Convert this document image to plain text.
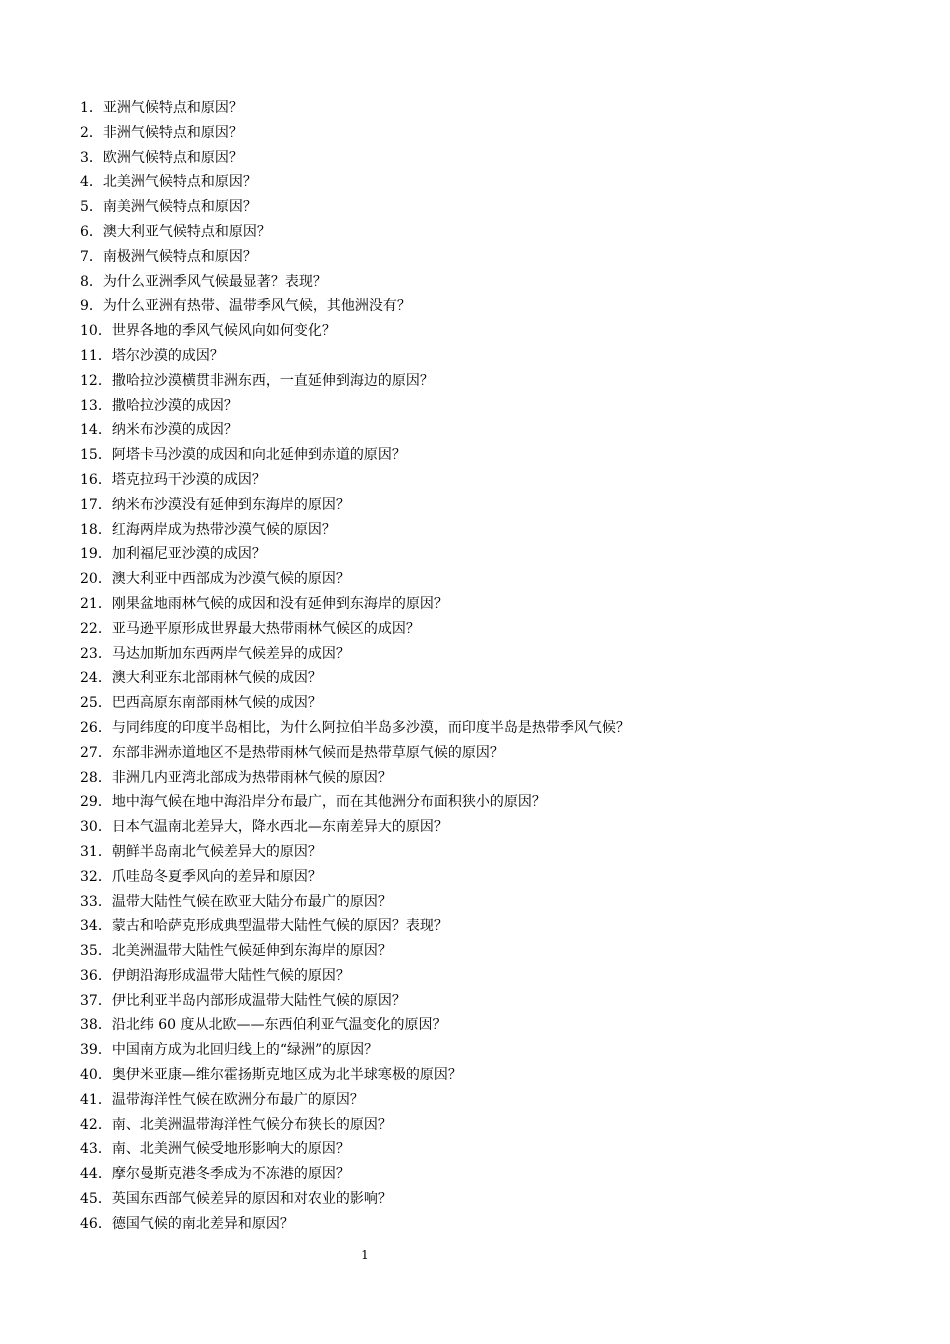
1．亚洲气候特点和原因？
2．非洲气候特点和原因？
3．欧洲气候特点和原因？
4．北美洲气候特点和原因？
5．南美洲气候特点和原因？
6．澳大利亚气候特点和原因？
7．南极洲气候特点和原因？
8．为什么亚洲季风气候最显著？表现？
9．为什么亚洲有热带、温带季风气候，其他洲没有？
10．世界各地的季风气候风向如何变化？
11．塔尔沙漠的成因？
12．撒哈拉沙漠横贯非洲东西，一直延伸到海边的原因？
13．撒哈拉沙漠的成因？
14．纳米布沙漠的成因？
15．阿塔卡马沙漠的成因和向北延伸到赤道的原因？
16．塔克拉玛干沙漠的成因？
17．纳米布沙漠没有延伸到东海岸的原因？
18．红海两岸成为热带沙漠气候的原因？
19．加利福尼亚沙漠的成因？
20．澳大利亚中西部成为沙漠气候的原因？
21．刚果盆地雨林气候的成因和没有延伸到东海岸的原因？
22．亚马逊平原形成世界最大热带雨林气候区的成因？
23．马达加斯加东西两岸气候差异的成因？
24．澳大利亚东北部雨林气候的成因？
25．巴西高原东南部雨林气候的成因？
26．与同纬度的印度半岛相比，为什么阿拉伯半岛多沙漠，而印度半岛是热带季风气候？
27．东部非洲赤道地区不是热带雨林气候而是热带草原气候的原因？
28．非洲几内亚湾北部成为热带雨林气候的原因？
29．地中海气候在地中海沿岸分布最广，而在其他洲分布面积狭小的原因？
30．日本气温南北差异大，降水西北—东南差异大的原因？
31．朝鲜半岛南北气候差异大的原因？
32．爪哇岛冬夏季风向的差异和原因？
33．温带大陆性气候在欧亚大陆分布最广的原因？
34．蒙古和哈萨克形成典型温带大陆性气候的原因？表现？
35．北美洲温带大陆性气候延伸到东海岸的原因？
36．伊朗沿海形成温带大陆性气候的原因？
37．伊比利亚半岛内部形成温带大陆性气候的原因？
38．沿北纬 60 度从北欧——东西伯利亚气温变化的原因？
39．中国南方成为北回归线上的“绿洲”的原因？
40．奥伊米亚康—维尔霍扬斯克地区成为北半球寒极的原因？
41．温带海洋性气候在欧洲分布最广的原因？
42．南、北美洲温带海洋性气候分布狭长的原因？
43．南、北美洲气候受地形影响大的原因？
44．摩尔曼斯克港冬季成为不冻港的原因？
45．英国东西部气候差异的原因和对农业的影响？
46．德国气候的南北差异和原因？
1
